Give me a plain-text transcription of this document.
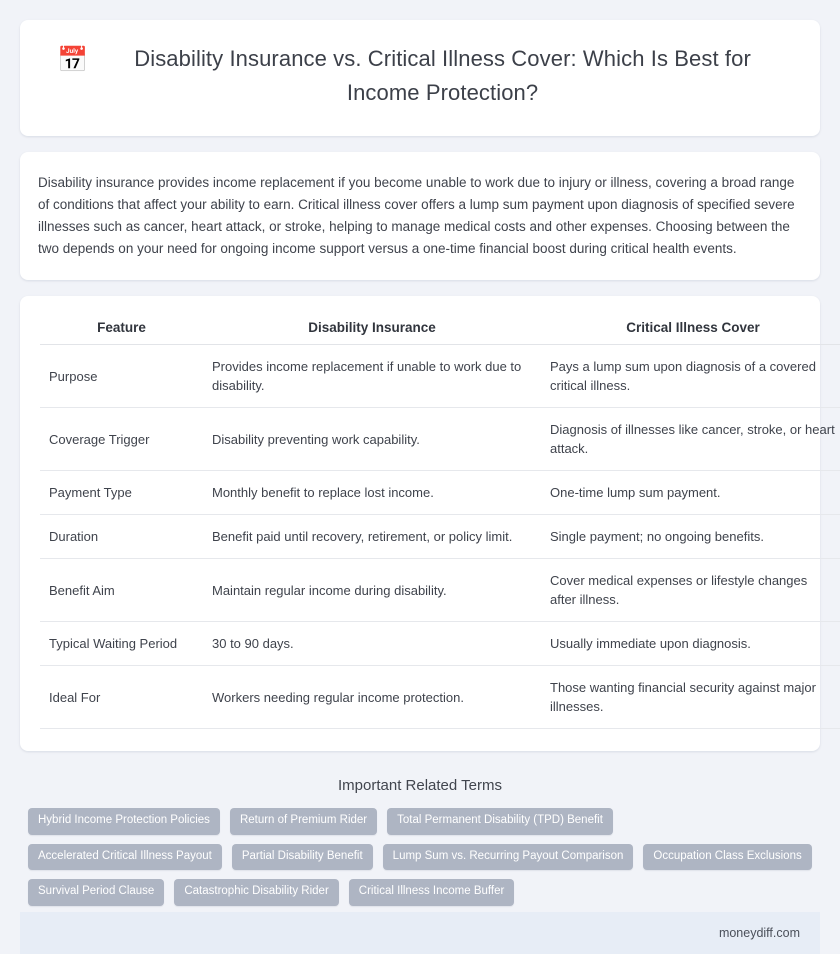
📅	Disability Insurance vs. Critical Illness Cover: Which Is Best for Income Protection?

Disability insurance provides income replacement if you become unable to work due to injury or illness, covering a broad range of conditions that affect your ability to earn. Critical illness cover offers a lump sum payment upon diagnosis of specified severe illnesses such as cancer, heart attack, or stroke, helping to manage medical costs and other expenses. Choosing between the two depends on your need for ongoing income support versus a one-time financial boost during critical health events.

Feature	Disability Insurance	Critical Illness Cover
Purpose	Provides income replacement if unable to work due to disability.	Pays a lump sum upon diagnosis of a covered critical illness.
Coverage Trigger	Disability preventing work capability.	Diagnosis of illnesses like cancer, stroke, or heart attack.
Payment Type	Monthly benefit to replace lost income.	One-time lump sum payment.
Duration	Benefit paid until recovery, retirement, or policy limit.	Single payment; no ongoing benefits.
Benefit Aim	Maintain regular income during disability.	Cover medical expenses or lifestyle changes after illness.
Typical Waiting Period	30 to 90 days.	Usually immediate upon diagnosis.
Ideal For	Workers needing regular income protection.	Those wanting financial security against major illnesses.
Important Related Terms
Hybrid Income Protection Policies	Return of Premium Rider	Total Permanent Disability (TPD) Benefit
Accelerated Critical Illness Payout	Partial Disability Benefit	Lump Sum vs. Recurring Payout Comparison	Occupation Class Exclusions
Survival Period Clause	Catastrophic Disability Rider	Critical Illness Income Buffer
moneydiff.com
